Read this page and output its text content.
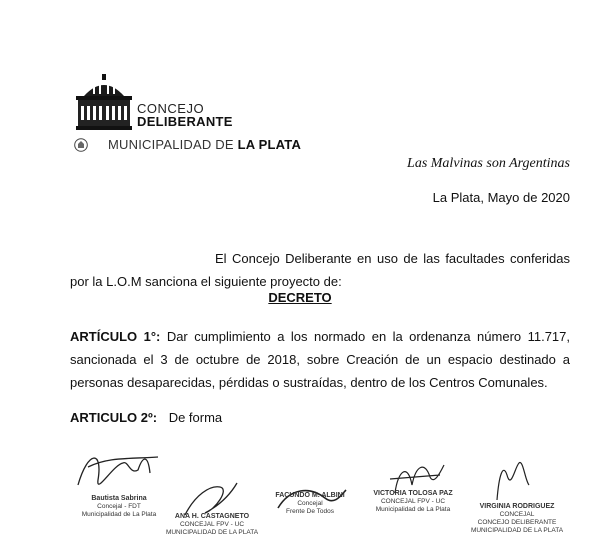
CONCEJO
DELIBERANTE
MUNICIPALIDAD DE LA PLATA
Las Malvinas son Argentinas
La Plata, Mayo de 2020
El Concejo Deliberante en uso de las facultades conferidas por la L.O.M sanciona el siguiente proyecto de:
DECRETO
ARTÍCULO 1°: Dar cumplimiento a los normado en la ordenanza número 11.717, sancionada el 3 de octubre de 2018, sobre Creación de un espacio destinado a personas desaparecidas, pérdidas o sustraídas, dentro de los Centros Comunales.
ARTICULO 2º: De forma
Bautista Sabrina
Concejal - FDT
Municipalidad de La Plata	ANA H. CASTAGNETO
CONCEJAL FPV - UC
MUNICIPALIDAD DE LA PLATA
FACUNDO M. ALBINI
Concejal
Frente De Todos
VICTORIA TOLOSA PAZ
CONCEJAL FPV - UC
Municipalidad de La Plata	VIRGINIA RODRIGUEZ
CONCEJAL
CONCEJO DELIBERANTE
MUNICIPALIDAD DE LA PLATA
